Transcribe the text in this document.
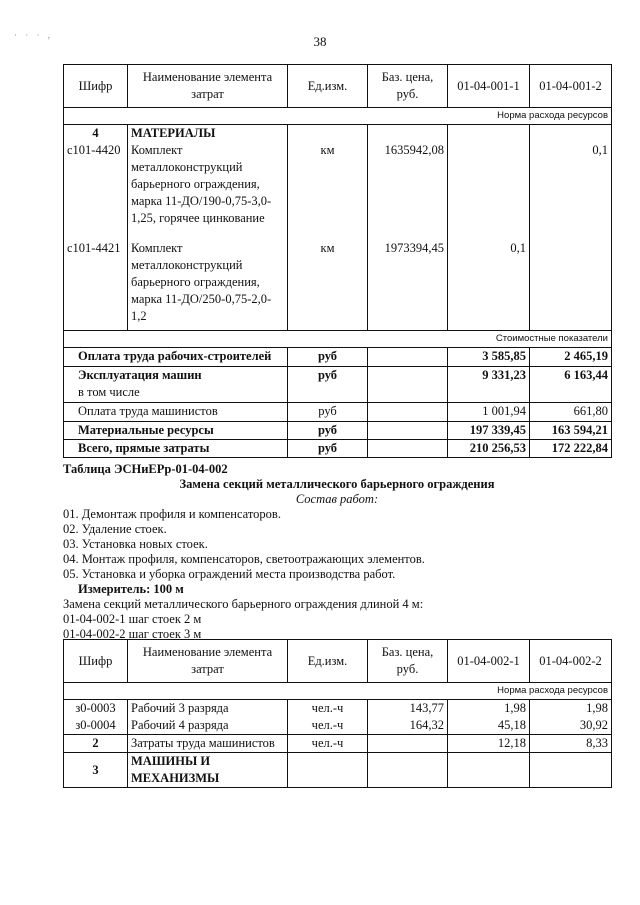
· · · ,	38
Шифр	Наименование элемента затрат	Ед.изм.	Баз. цена, руб.	01-04-001-1	01-04-001-2
Норма расхода ресурсов					
4	МАТЕРИАЛЫ				
с101-4420	Комплект металлоконструкций барьерного ограждения, марка 11-ДО/190-0,75-3,0-1,25, горячее цинкование	км	1635942,08		0,1
с101-4421	Комплект металлоконструкций барьерного ограждения, марка 11-ДО/250-0,75-2,0-1,2	км	1973394,45	0,1	
Стоимостные показатели					
Оплата труда рабочих-строителей		руб		3 585,85	2 465,19
Эксплуатация машин		руб		9 331,23	6 163,44
в том числе					
Оплата труда машинистов		руб		1 001,94	661,80
Материальные ресурсы		руб		197 339,45	163 594,21
Всего, прямые затраты		руб		210 256,53	172 222,84
Таблица ЭСНиЕРр-01-04-002
Замена секций металлического барьерного ограждения
Состав работ:
01. Демонтаж профиля и компенсаторов.
02. Удаление стоек.
03. Установка новых стоек.
04. Монтаж профиля, компенсаторов, светоотражающих элементов.
05. Установка и уборка ограждений места производства работ.
Измеритель: 100 м
Замена секций металлического барьерного ограждения длиной 4 м:
01-04-002-1 шаг стоек 2 м
01-04-002-2 шаг стоек 3 м
Шифр	Наименование элемента затрат	Ед.изм.	Баз. цена, руб.	01-04-002-1	01-04-002-2
Норма расхода ресурсов					
з0-0003	Рабочий 3 разряда	чел.-ч	143,77	1,98	1,98
з0-0004	Рабочий 4 разряда	чел.-ч	164,32	45,18	30,92
2	Затраты труда машинистов	чел.-ч		12,18	8,33
3	МАШИНЫ И МЕХАНИЗМЫ				
